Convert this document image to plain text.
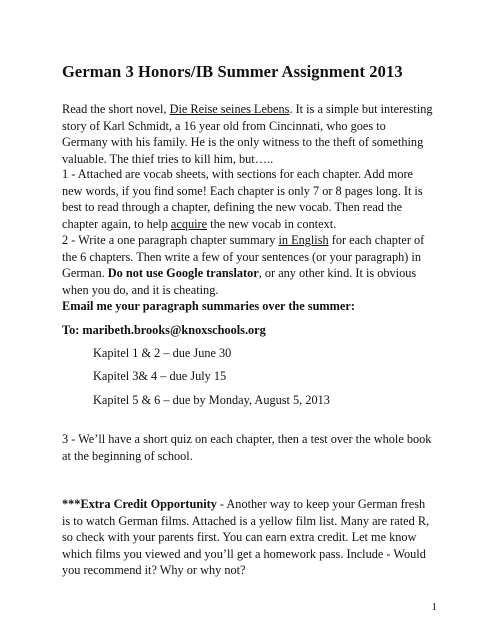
German 3 Honors/IB Summer Assignment 2013
Read the short novel, Die Reise seines Lebens. It is a simple but interesting story of Karl Schmidt, a 16 year old from Cincinnati, who goes to Germany with his family. He is the only witness to the theft of something valuable. The thief tries to kill him, but…..
1 - Attached are vocab sheets, with sections for each chapter. Add more new words, if you find some! Each chapter is only 7 or 8 pages long. It is best to read through a chapter, defining the new vocab. Then read the chapter again, to help acquire the new vocab in context.
2 - Write a one paragraph chapter summary in English for each chapter of the 6 chapters. Then write a few of your sentences (or your paragraph) in German. Do not use Google translator, or any other kind. It is obvious when you do, and it is cheating.
Email me your paragraph summaries over the summer:
To: maribeth.brooks@knoxschools.org
Kapitel 1 & 2 – due June 30
Kapitel 3& 4 – due July 15
Kapitel 5 & 6 – due by Monday, August 5, 2013
3 - We’ll have a short quiz on each chapter, then a test over the whole book at the beginning of school.
***Extra Credit Opportunity - Another way to keep your German fresh is to watch German films. Attached is a yellow film list. Many are rated R, so check with your parents first. You can earn extra credit. Let me know which films you viewed and you’ll get a homework pass. Include - Would you recommend it? Why or why not?
1
